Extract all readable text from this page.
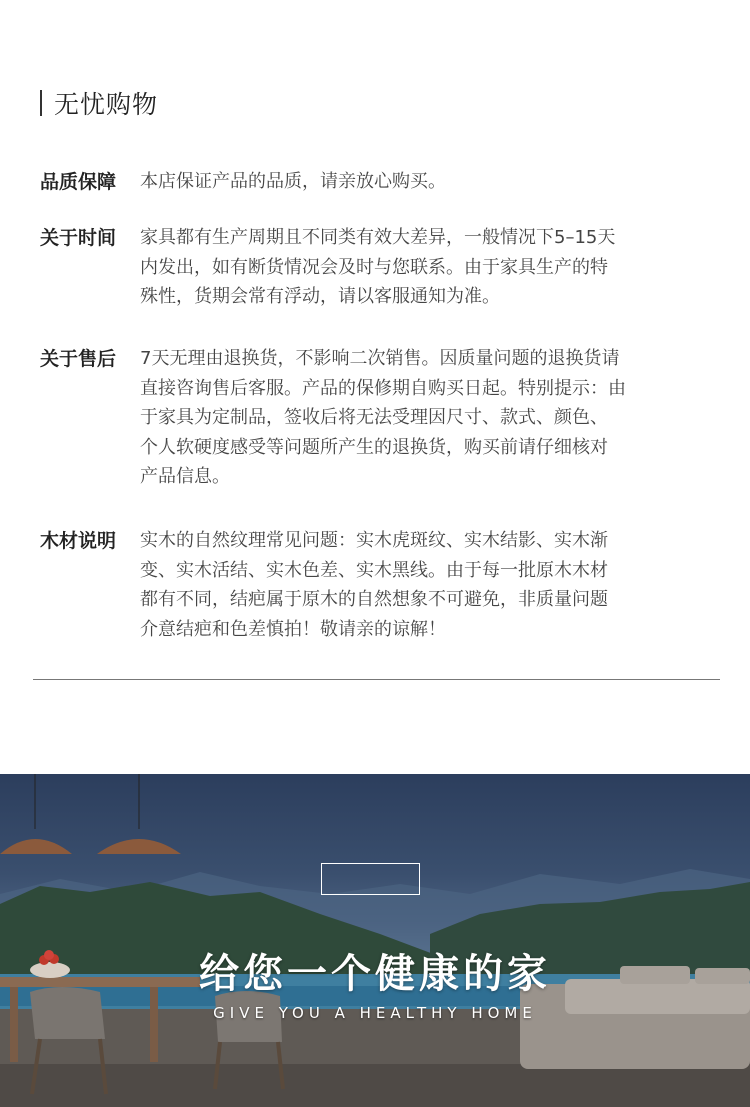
无忧购物
品质保障	本店保证产品的品质，请亲放心购买。
关于时间	家具都有生产周期且不同类有效大差异，一般情况下5–15天
内发出，如有断货情况会及时与您联系。由于家具生产的特
殊性，货期会常有浮动，请以客服通知为准。
关于售后	7天无理由退换货，不影响二次销售。因质量问题的退换货请
直接咨询售后客服。产品的保修期自购买日起。特别提示：由
于家具为定制品，签收后将无法受理因尺寸、款式、颜色、
个人软硬度感受等问题所产生的退换货，购买前请仔细核对
产品信息。
木材说明	实木的自然纹理常见问题：实木虎斑纹、实木结影、实木渐
变、实木活结、实木色差、实木黑线。由于每一批原木木材
都有不同，结疤属于原木的自然想象不可避免，非质量问题
介意结疤和色差慎拍！敬请亲的谅解！
给您一个健康的家
GIVE YOU A HEALTHY HOME
